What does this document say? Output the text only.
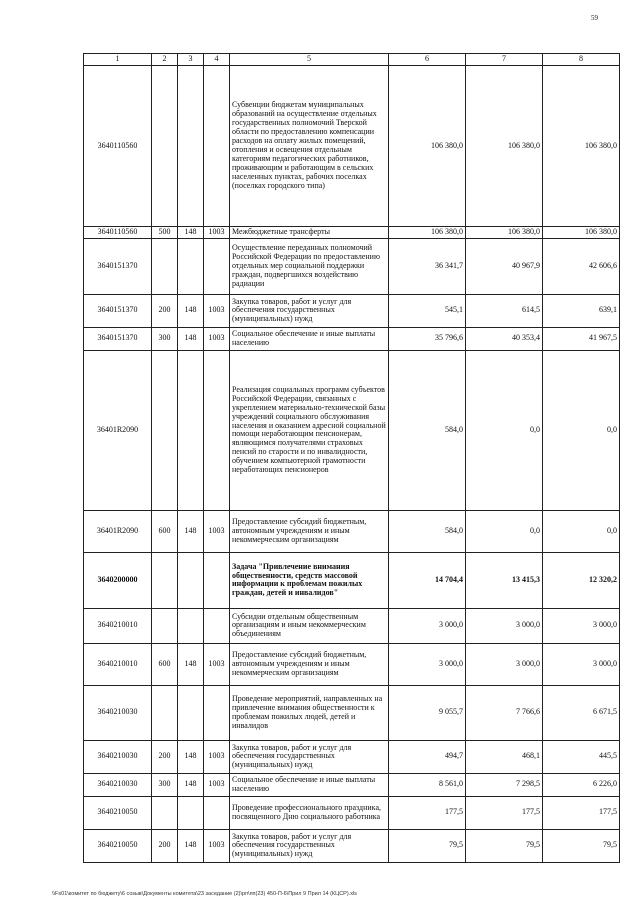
59
1	2	3	4	5	6	7	8
3640110560				Субвенции бюджетам муниципальных образований на осуществление отдельных государственных полномочий Тверской области по предоставлению компенсации расходов на оплату жилых помещений, отопления и освещения отдельным категориям педагогических работников, проживающим и работающим в сельских населенных пунктах, рабочих поселках (поселках городского типа)	106 380,0	106 380,0	106 380,0
3640110560	500	148	1003	Межбюджетные трансферты	106 380,0	106 380,0	106 380,0
3640151370				Осуществление переданных полномочий Российской Федерации по предоставлению отдельных мер социальной поддержки граждан, подвергшихся воздействию радиации	36 341,7	40 967,9	42 606,6
3640151370	200	148	1003	Закупка товаров, работ и услуг для обеспечения государственных (муниципальных) нужд	545,1	614,5	639,1
3640151370	300	148	1003	Социальное обеспечение и иные выплаты населению	35 796,6	40 353,4	41 967,5
36401R2090				Реализация социальных программ субъектов Российской Федерации, связанных с укреплением материально-технической базы учреждений социального обслуживания населения и оказанием адресной социальной помощи неработающим пенсионерам, являющимся получателями страховых пенсий по старости и по инвалидности, обучением компьютерной грамотности неработающих пенсионеров	584,0	0,0	0,0
36401R2090	600	148	1003	Предоставление субсидий бюджетным, автономным учреждениям и иным некоммерческим организациям	584,0	0,0	0,0
3640200000				Задача "Привлечение внимания общественности, средств массовой информации к проблемам пожилых граждан, детей и инвалидов"	14 704,4	13 415,3	12 320,2
3640210010				Субсидии отдельным общественным организациям и иным некоммерческим объединениям	3 000,0	3 000,0	3 000,0
3640210010	600	148	1003	Предоставление субсидий бюджетным, автономным учреждениям и иным некоммерческим организациям	3 000,0	3 000,0	3 000,0
3640210030				Проведение мероприятий, направленных на привлечение внимания общественности к проблемам пожилых людей, детей и инвалидов	9 055,7	7 766,6	6 671,5
3640210030	200	148	1003	Закупка товаров, работ и услуг для обеспечения государственных (муниципальных) нужд	494,7	468,1	445,5
3640210030	300	148	1003	Социальное обеспечение и иные выплаты населению	8 561,0	7 298,5	6 226,0
3640210050				Проведение профессионального праздника, посвященного Дню социального работника	177,5	177,5	177,5
3640210050	200	148	1003	Закупка товаров, работ и услуг для обеспечения государственных (муниципальных) нужд	79,5	79,5	79,5
\\Fs01\комитет по бюджету\6 созыв\Документы комитета\23 заседание (2)\рп\пп(23) 450-П-6\Прил 9 Прил 14 (КЦСР).xls
